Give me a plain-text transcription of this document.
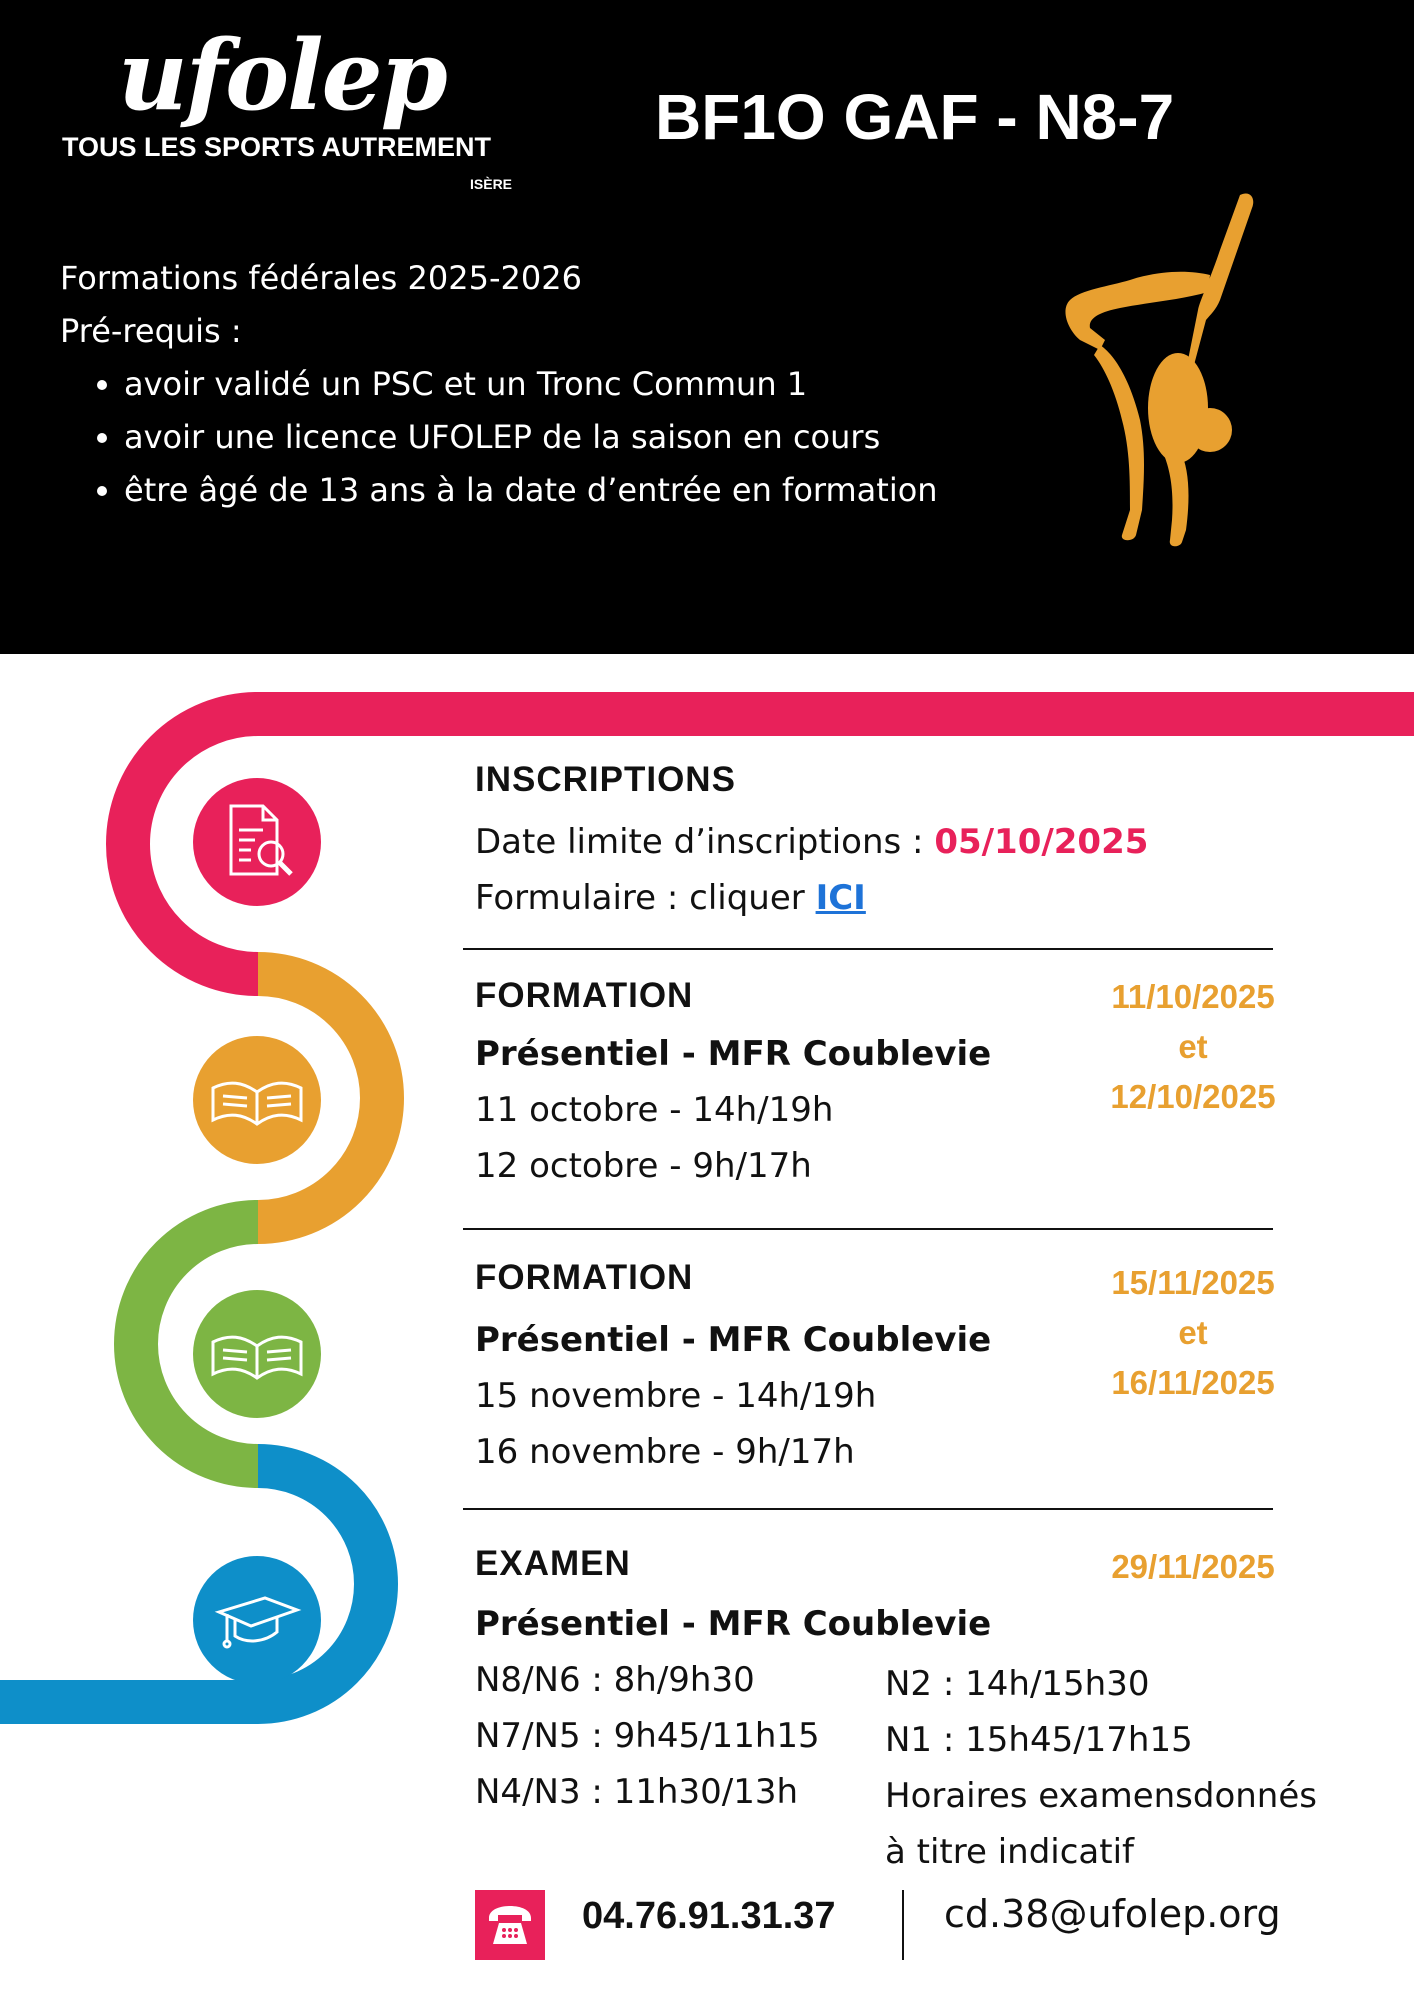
ufolep
TOUS LES SPORTS AUTREMENT
ISÈRE
BF1O GAF - N8-7
Formations fédérales 2025-2026
Pré-requis :
• avoir validé un PSC et un Tronc Commun 1
• avoir une licence UFOLEP de la saison en cours
• être âgé de 13 ans à la date d’entrée en formation
INSCRIPTIONS
Date limite d’inscriptions : 05/10/2025
Formulaire : cliquer ICI
FORMATION
Présentiel - MFR Coublevie
11 octobre - 14h/19h
12 octobre - 9h/17h
11/10/2025
et
12/10/2025
FORMATION
Présentiel - MFR Coublevie
15 novembre - 14h/19h
16 novembre - 9h/17h
15/11/2025
et
16/11/2025
EXAMEN
Présentiel - MFR Coublevie
N8/N6 : 8h/9h30
N7/N5 : 9h45/11h15
N4/N3 : 11h30/13h
N2 : 14h/15h30
N1 : 15h45/17h15
Horaires examensdonnés
à titre indicatif
29/11/2025
04.76.91.31.37	cd.38@ufolep.org
